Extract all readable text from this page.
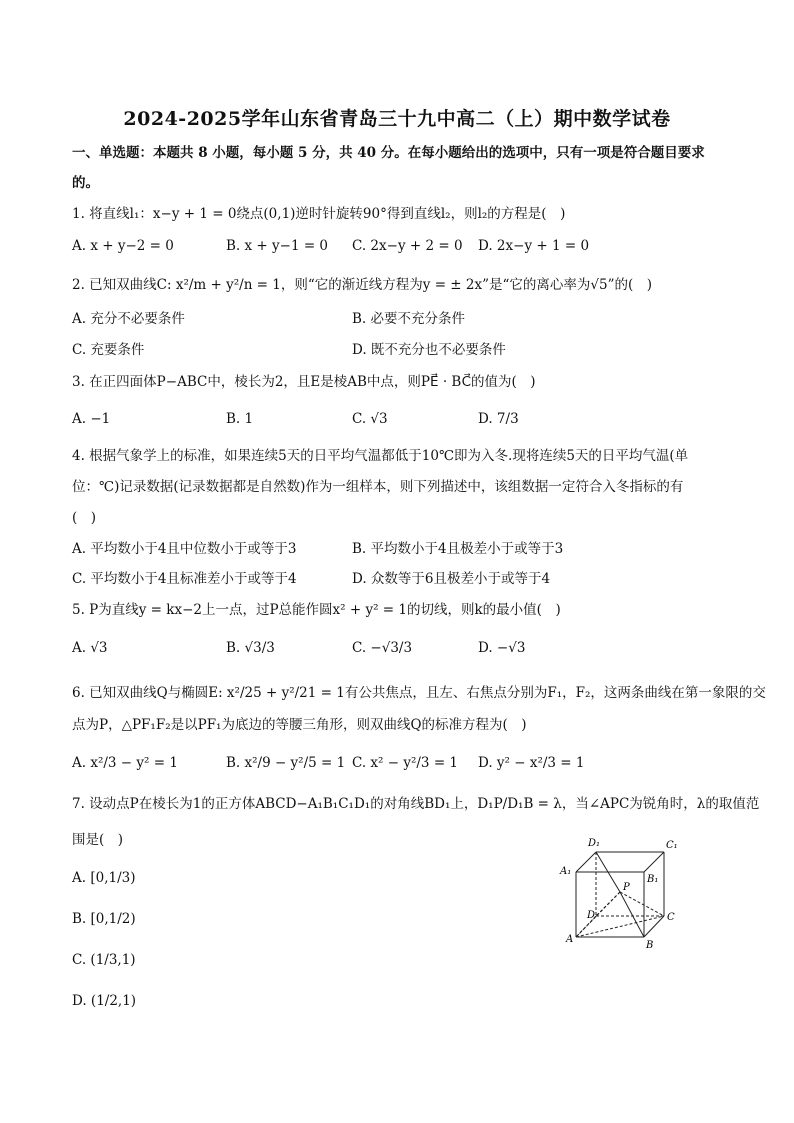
2024-2025学年山东省青岛三十九中高二（上）期中数学试卷
一、单选题：本题共 8 小题，每小题 5 分，共 40 分。在每小题给出的选项中，只有一项是符合题目要求
的。
1. 将直线l₁：x−y + 1 = 0绕点(0,1)逆时针旋转90°得到直线l₂，则l₂的方程是(　)
A. x + y−2 = 0	B. x + y−1 = 0 C. 2x−y + 2 = 0 D. 2x−y + 1 = 0
2. 已知双曲线C: x²/m + y²/n = 1，则“它的渐近线方程为y = ± 2x”是“它的离心率为√5”的(　)
A. 充分不必要条件	B. 必要不充分条件
C. 充要条件	D. 既不充分也不必要条件
3. 在正四面体P−ABC中，棱长为2，且E是棱AB中点，则PE⃗ · BC⃗的值为(　)
A. −1	B. 1	C. √3	D. 7/3
4. 根据气象学上的标准，如果连续5天的日平均气温都低于10℃即为入冬.现将连续5天的日平均气温(单
位：℃)记录数据(记录数据都是自然数)作为一组样本，则下列描述中，该组数据一定符合入冬指标的有
(　)
A. 平均数小于4且中位数小于或等于3	B. 平均数小于4且极差小于或等于3
C. 平均数小于4且标准差小于或等于4	D. 众数等于6且极差小于或等于4
5. P为直线y = kx−2上一点，过P总能作圆x² + y² = 1的切线，则k的最小值(　)
A. √3	B. √3/3	C. −√3/3	D. −√3
6. 已知双曲线Q与椭圆E: x²/25 + y²/21 = 1有公共焦点，且左、右焦点分别为F₁，F₂，这两条曲线在第一象限的交
点为P，△PF₁F₂是以PF₁为底边的等腰三角形，则双曲线Q的标准方程为(　)
A. x²/3 − y² = 1	B. x²/9 − y²/5 = 1 C. x² − y²/3 = 1 D. y² − x²/3 = 1
7. 设动点P在棱长为1的正方体ABCD−A₁B₁C₁D₁的对角线BD₁上，D₁P/D₁B = λ，当∠APC为锐角时，λ的取值范
围是(　)
A. [0,1/3)
B. [0,1/2)
C. (1/3,1)
D. (1/2,1)
D₁	C₁
A₁
B₁
P
D	C
A
B
